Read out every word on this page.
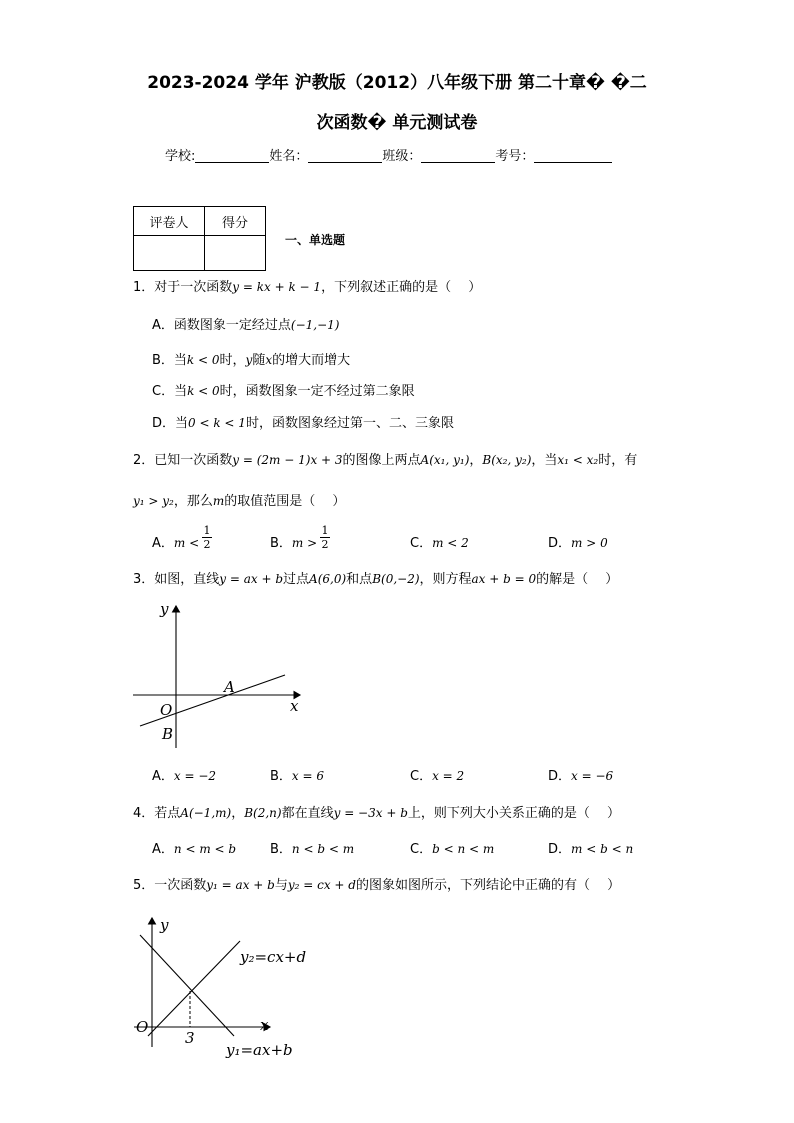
2023-2024 学年 沪教版（2012）八年级下册 第二十章� �二
次函数� 单元测试卷
学校:	姓名：	班级：	考号：
评卷人	得分

一、单选题
1．对于一次函数y = kx + k − 1，下列叙述正确的是（　 ）
A．函数图象一定经过点(−1,−1)
B．当k < 0时，y随x的增大而增大
C．当k < 0时，函数图象一定不经过第二象限
D．当0 < k < 1时，函数图象经过第一、二、三象限
2．已知一次函数y = (2m − 1)x + 3的图像上两点A(x₁, y₁)，B(x₂, y₂)，当x₁ < x₂时，有
y₁ > y₂，那么m的取值范围是（　 ）
A．$m < \frac{1}{2}$	B．$m > \frac{1}{2}$	C．m < 2	D．m > 0
3．如图，直线y = ax + b过点A(6,0)和点B(0,−2)，则方程ax + b = 0的解是（　 ）
y
x
O
A
B
A．x = −2	B．x = 6	C．x = 2	D．x = −6
4．若点A(−1,m)，B(2,n)都在直线y = −3x + b上，则下列大小关系正确的是（　 ）
A．n < m < b	B．n < b < m	C．b < n < m	D．m < b < n
5．一次函数y₁ = ax + b与y₂ = cx + d的图象如图所示，下列结论中正确的有（　 ）
y
x
O
3
y₂=cx+d
y₁=ax+b
